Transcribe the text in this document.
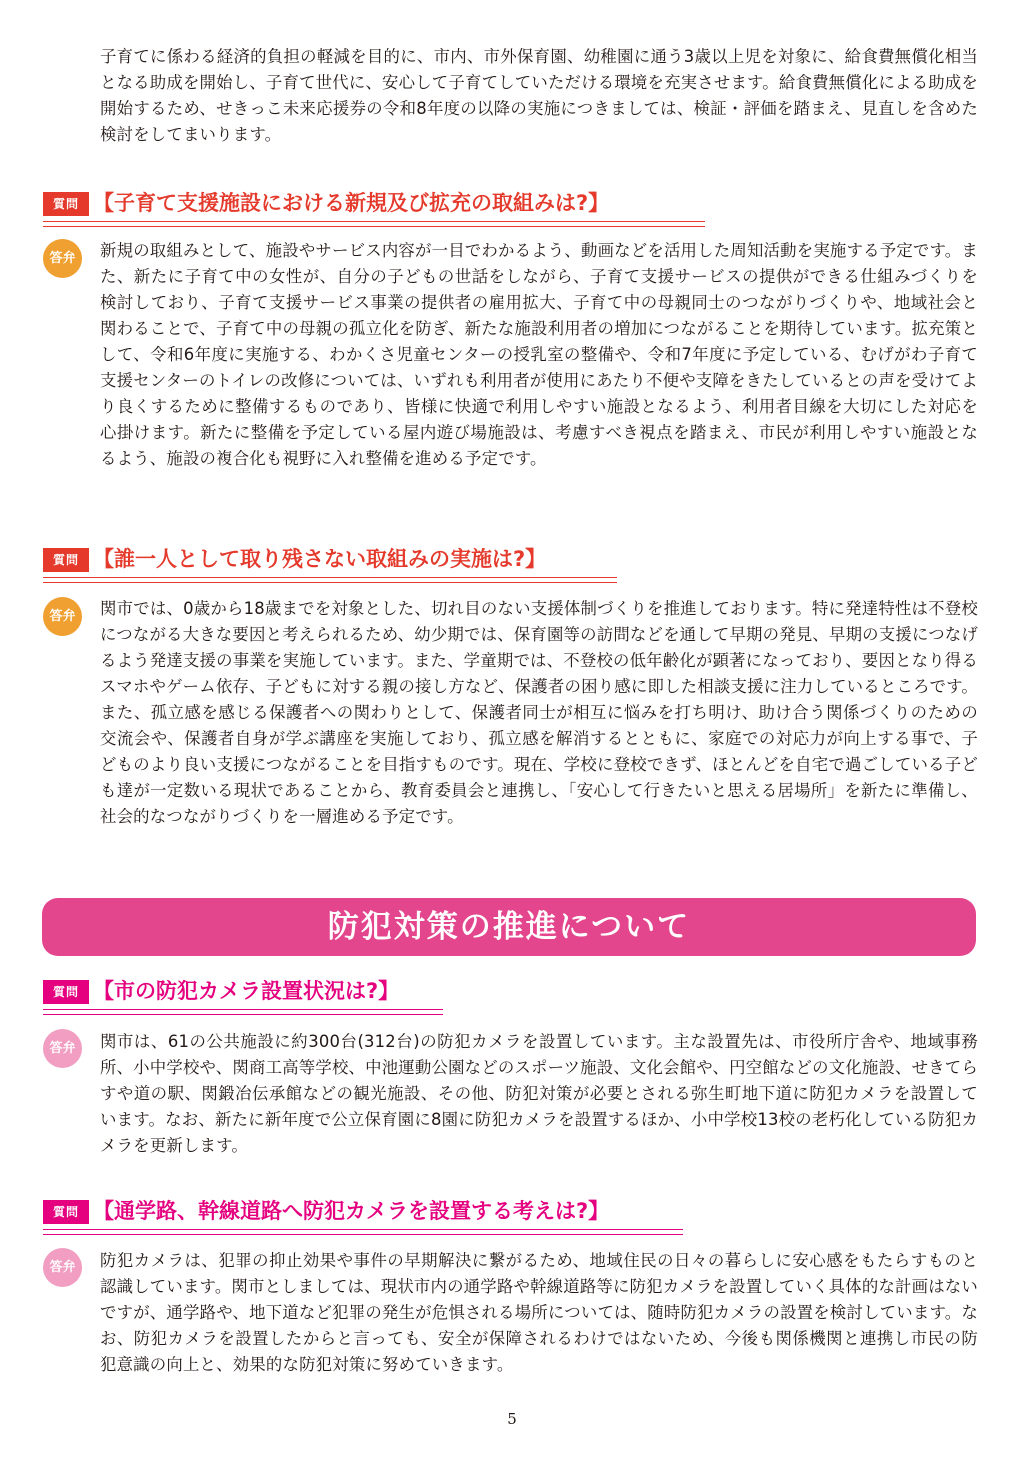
子育てに係わる経済的負担の軽減を目的に、市内、市外保育園、幼稚園に通う3歳以上児を対象に、給食費無償化相当となる助成を開始し、子育て世代に、安心して子育てしていただける環境を充実させます。給食費無償化による助成を開始するため、せきっこ未来応援券の令和8年度の以降の実施につきましては、検証・評価を踏まえ、見直しを含めた検討をしてまいります。

質問 【子育て支援施設における新規及び拡充の取組みは?】
答弁	新規の取組みとして、施設やサービス内容が一目でわかるよう、動画などを活用した周知活動を実施する予定です。また、新たに子育て中の女性が、自分の子どもの世話をしながら、子育て支援サービスの提供ができる仕組みづくりを検討しており、子育て支援サービス事業の提供者の雇用拡大、子育て中の母親同士のつながりづくりや、地域社会と関わることで、子育て中の母親の孤立化を防ぎ、新たな施設利用者の増加につながることを期待しています。拡充策として、令和6年度に実施する、わかくさ児童センターの授乳室の整備や、令和7年度に予定している、むげがわ子育て支援センターのトイレの改修については、いずれも利用者が使用にあたり不便や支障をきたしているとの声を受けてより良くするために整備するものであり、皆様に快適で利用しやすい施設となるよう、利用者目線を大切にした対応を心掛けます。新たに整備を予定している屋内遊び場施設は、考慮すべき視点を踏まえ、市民が利用しやすい施設となるよう、施設の複合化も視野に入れ整備を進める予定です。

質問 【誰一人として取り残さない取組みの実施は?】
答弁	関市では、0歳から18歳までを対象とした、切れ目のない支援体制づくりを推進しております。特に発達特性は不登校につながる大きな要因と考えられるため、幼少期では、保育園等の訪問などを通して早期の発見、早期の支援につなげるよう発達支援の事業を実施しています。また、学童期では、不登校の低年齢化が顕著になっており、要因となり得るスマホやゲーム依存、子どもに対する親の接し方など、保護者の困り感に即した相談支援に注力しているところです。また、孤立感を感じる保護者への関わりとして、保護者同士が相互に悩みを打ち明け、助け合う関係づくりのための交流会や、保護者自身が学ぶ講座を実施しており、孤立感を解消するとともに、家庭での対応力が向上する事で、子どものより良い支援につながることを目指すものです。現在、学校に登校できず、ほとんどを自宅で過ごしている子ども達が一定数いる現状であることから、教育委員会と連携し、「安心して行きたいと思える居場所」を新たに準備し、社会的なつながりづくりを一層進める予定です。

防犯対策の推進について
質問 【市の防犯カメラ設置状況は?】
答弁	関市は、61の公共施設に約300台(312台)の防犯カメラを設置しています。主な設置先は、市役所庁舎や、地域事務所、小中学校や、関商工高等学校、中池運動公園などのスポーツ施設、文化会館や、円空館などの文化施設、せきてらすや道の駅、関鍛冶伝承館などの観光施設、その他、防犯対策が必要とされる弥生町地下道に防犯カメラを設置しています。なお、新たに新年度で公立保育園に8園に防犯カメラを設置するほか、小中学校13校の老朽化している防犯カメラを更新します。

質問 【通学路、幹線道路へ防犯カメラを設置する考えは?】
答弁	防犯カメラは、犯罪の抑止効果や事件の早期解決に繋がるため、地域住民の日々の暮らしに安心感をもたらすものと認識しています。関市としましては、現状市内の通学路や幹線道路等に防犯カメラを設置していく具体的な計画はないですが、通学路や、地下道など犯罪の発生が危惧される場所については、随時防犯カメラの設置を検討しています。なお、防犯カメラを設置したからと言っても、安全が保障されるわけではないため、今後も関係機関と連携し市民の防犯意識の向上と、効果的な防犯対策に努めていきます。

5
